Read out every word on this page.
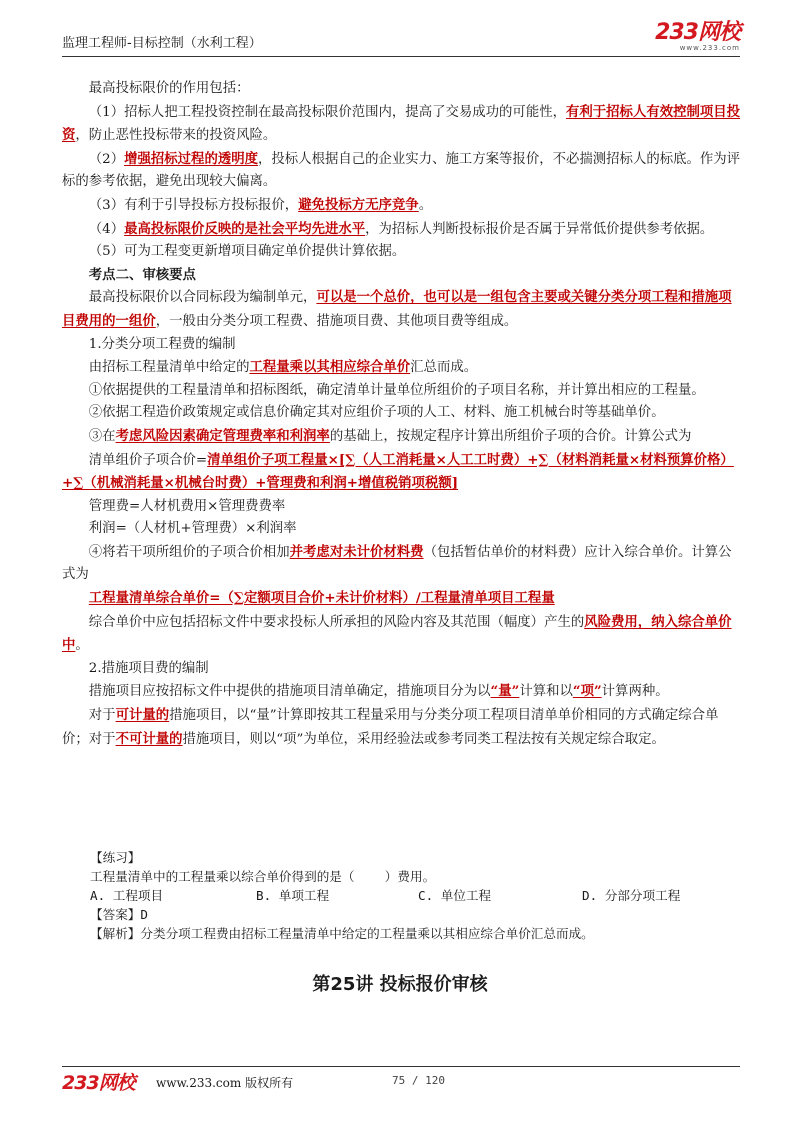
监理工程师-目标控制（水利工程）	233网校
www.233.com

最高投标限价的作用包括：

（1）招标人把工程投资控制在最高投标限价范围内，提高了交易成功的可能性，有利于招标人有效控制项目投资，防止恶性投标带来的投资风险。

（2）增强招标过程的透明度，投标人根据自己的企业实力、施工方案等报价，不必揣测招标人的标底。作为评标的参考依据，避免出现较大偏离。

（3）有利于引导投标方投标报价，避免投标方无序竞争。

（4）最高投标限价反映的是社会平均先进水平，为招标人判断投标报价是否属于异常低价提供参考依据。

（5）可为工程变更新增项目确定单价提供计算依据。

考点二、审核要点

最高投标限价以合同标段为编制单元，可以是一个总价，也可以是一组包含主要或关键分类分项工程和措施项目费用的一组价，一般由分类分项工程费、措施项目费、其他项目费等组成。

1.分类分项工程费的编制

由招标工程量清单中给定的工程量乘以其相应综合单价汇总而成。

①依据提供的工程量清单和招标图纸，确定清单计量单位所组价的子项目名称，并计算出相应的工程量。

②依据工程造价政策规定或信息价确定其对应组价子项的人工、材料、施工机械台时等基础单价。

③在考虑风险因素确定管理费率和利润率的基础上，按规定程序计算出所组价子项的合价。计算公式为

清单组价子项合价=清单组价子项工程量×[∑（人工消耗量×人工工时费）+∑（材料消耗量×材料预算价格）+∑（机械消耗量×机械台时费）+管理费和利润+增值税销项税额]

管理费=人材机费用×管理费费率

利润=（人材机+管理费）×利润率

④将若干项所组价的子项合价相加并考虑对未计价材料费（包括暂估单价的材料费）应计入综合单价。计算公式为

工程量清单综合单价=（∑定额项目合价+未计价材料）/工程量清单项目工程量

综合单价中应包括招标文件中要求投标人所承担的风险内容及其范围（幅度）产生的风险费用，纳入综合单价中。

2.措施项目费的编制

措施项目应按招标文件中提供的措施项目清单确定，措施项目分为以“量”计算和以“项”计算两种。

对于可计量的措施项目，以“量”计算即按其工程量采用与分类分项工程项目清单单价相同的方式确定综合单价；对于不可计量的措施项目，则以“项”为单位，采用经验法或参考同类工程法按有关规定综合取定。

【练习】

工程量清单中的工程量乘以综合单价得到的是（    ）费用。

A. 工程项目	B. 单项工程	C. 单位工程	D. 分部分项工程

【答案】D

【解析】分类分项工程费由招标工程量清单中给定的工程量乘以其相应综合单价汇总而成。

第25讲 投标报价审核
233网校 www.233.com 版权所有	75 / 120
